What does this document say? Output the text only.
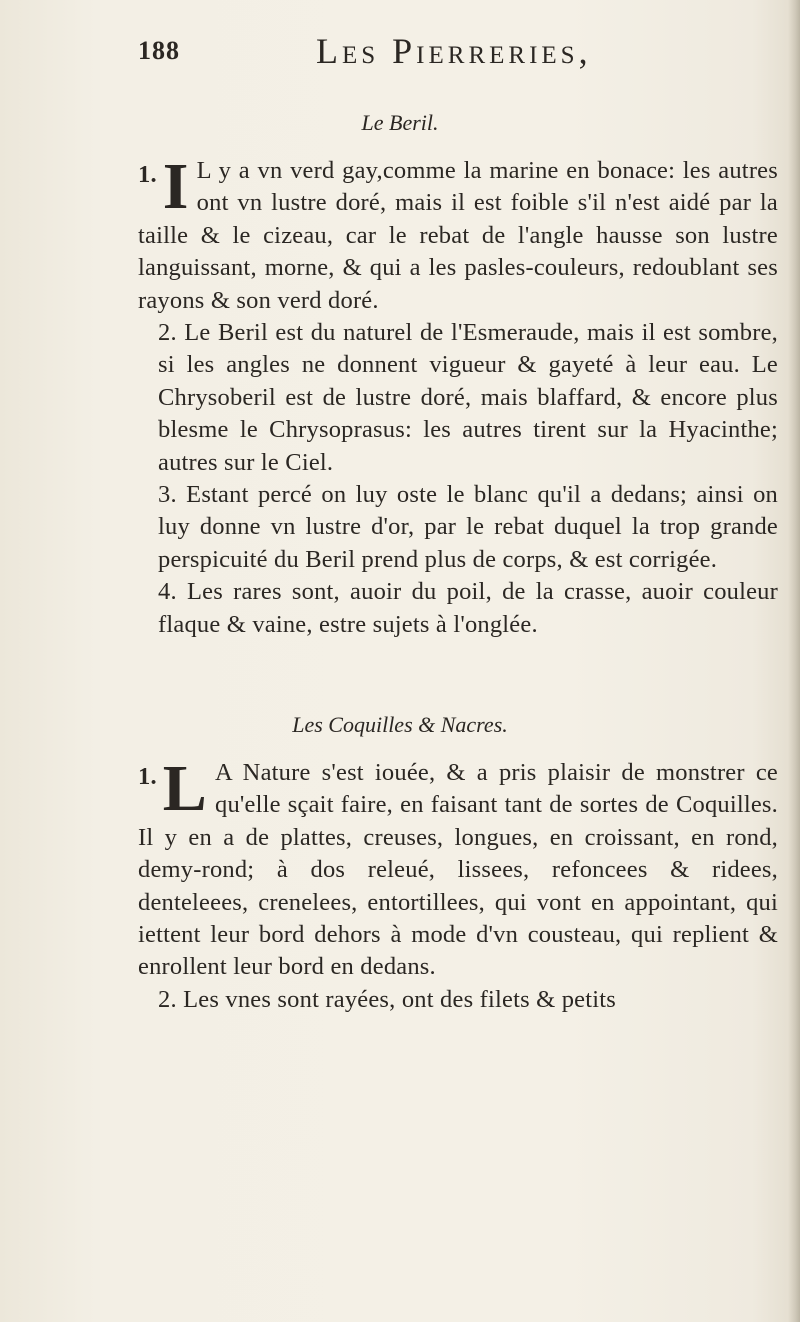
188	Les Pierreries,
Le Beril.

1. I L y a vn verd gay,comme la marine en bonace: les autres ont vn lustre doré, mais il est foible s'il n'est aidé par la taille & le cizeau, car le rebat de l'angle hausse son lustre languissant, morne, & qui a les pasles-couleurs, redoublant ses rayons & son verd doré.

2. Le Beril est du naturel de l'Esmeraude, mais il est sombre, si les angles ne donnent vigueur & gayeté à leur eau. Le Chrysoberil est de lustre doré, mais blaffard, & encore plus blesme le Chrysoprasus: les autres tirent sur la Hyacinthe; autres sur le Ciel.

3. Estant percé on luy oste le blanc qu'il a dedans; ainsi on luy donne vn lustre d'or, par le rebat duquel la trop grande perspicuité du Beril prend plus de corps, & est corrigée.

4. Les rares sont, auoir du poil, de la crasse, auoir couleur flaque & vaine, estre sujets à l'onglée.

Les Coquilles & Nacres.

1. L A Nature s'est iouée, & a pris plaisir de monstrer ce qu'elle sçait faire, en faisant tant de sortes de Coquilles. Il y en a de plattes, creuses, longues, en croissant, en rond, demy-rond; à dos releué, lissees, refoncees & ridees, denteleees, crenelees, entortillees, qui vont en appointant, qui iettent leur bord dehors à mode d'vn cousteau, qui replient & enrollent leur bord en dedans.

2. Les vnes sont rayées, ont des filets & petits
